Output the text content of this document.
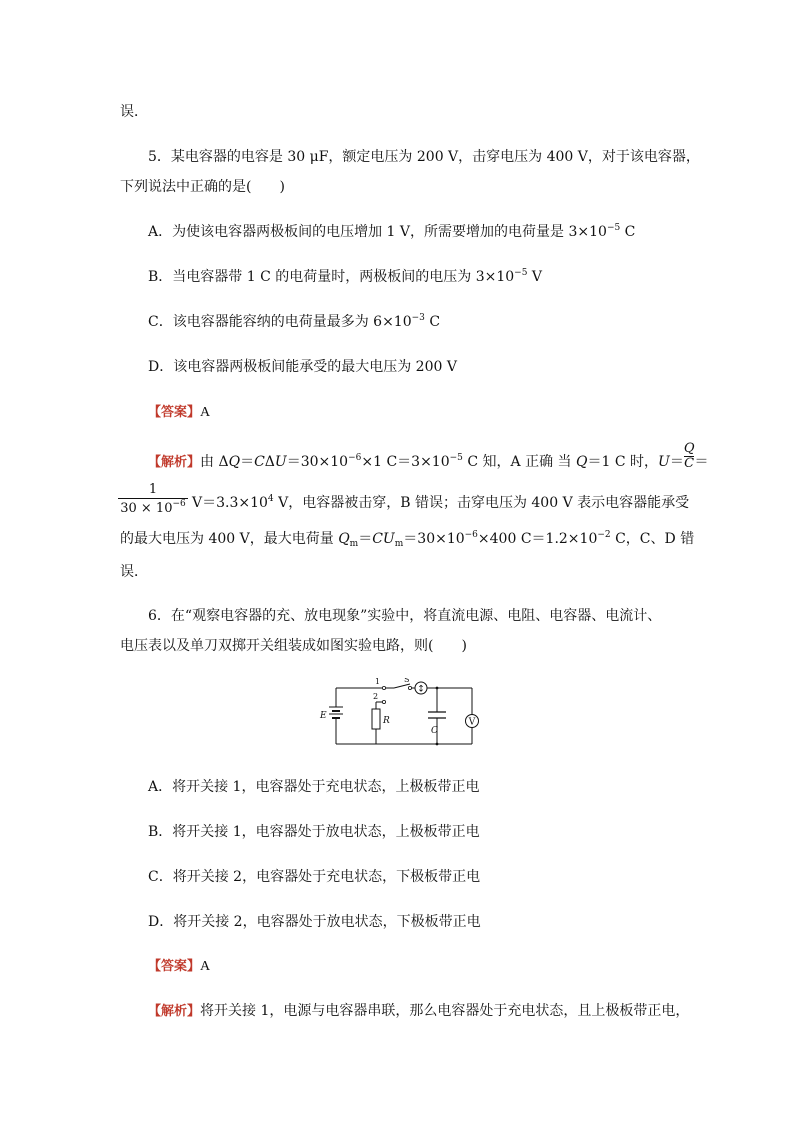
误．
5．某电容器的电容是 30 μF，额定电压为 200 V，击穿电压为 400 V，对于该电容器，
下列说法中正确的是(　　)
A．为使该电容器两极板间的电压增加 1 V，所需要增加的电荷量是 $3\times 10^{-5}$ C
B．当电容器带 1 C 的电荷量时，两极板间的电压为 $3\times 10^{-5}$ V
C．该电容器能容纳的电荷量最多为 $6\times 10^{-3}$ C
D．该电容器两极板间能承受的最大电压为 200 V
【答案】A
【解析】由 $\Delta Q=C\Delta U=30\times 10^{-6}\times 1$ $C=3\times 10^{-5}$ C 知，A 正确 当 Q＝1 C 时，$U= \frac{Q}{C}$ ＝
$\frac{1}{30 \times 10^{-6}} V=3.3\times 10^4$ V，电容器被击穿，B 错误；击穿电压为 400 V 表示电容器能承受
的最大电压为 400 V，最大电荷量 $Q_m=CU_m=30\times 10^{-6}\times 400$ $C=1.2\times 10^{-2}$ C，C、D 错
误．
6．在“观察电容器的充、放电现象”实验中，将直流电源、电阻、电容器、电流计、
电压表以及单刀双掷开关组装成如图实验电路，则(　　)
↕
V
E	R
C
S
1
2
A．将开关接 1，电容器处于充电状态，上极板带正电
B．将开关接 1，电容器处于放电状态，上极板带正电
C．将开关接 2，电容器处于充电状态，下极板带正电
D．将开关接 2，电容器处于放电状态，下极板带正电
【答案】A
【解析】将开关接 1，电源与电容器串联，那么电容器处于充电状态，且上极板带正电，
